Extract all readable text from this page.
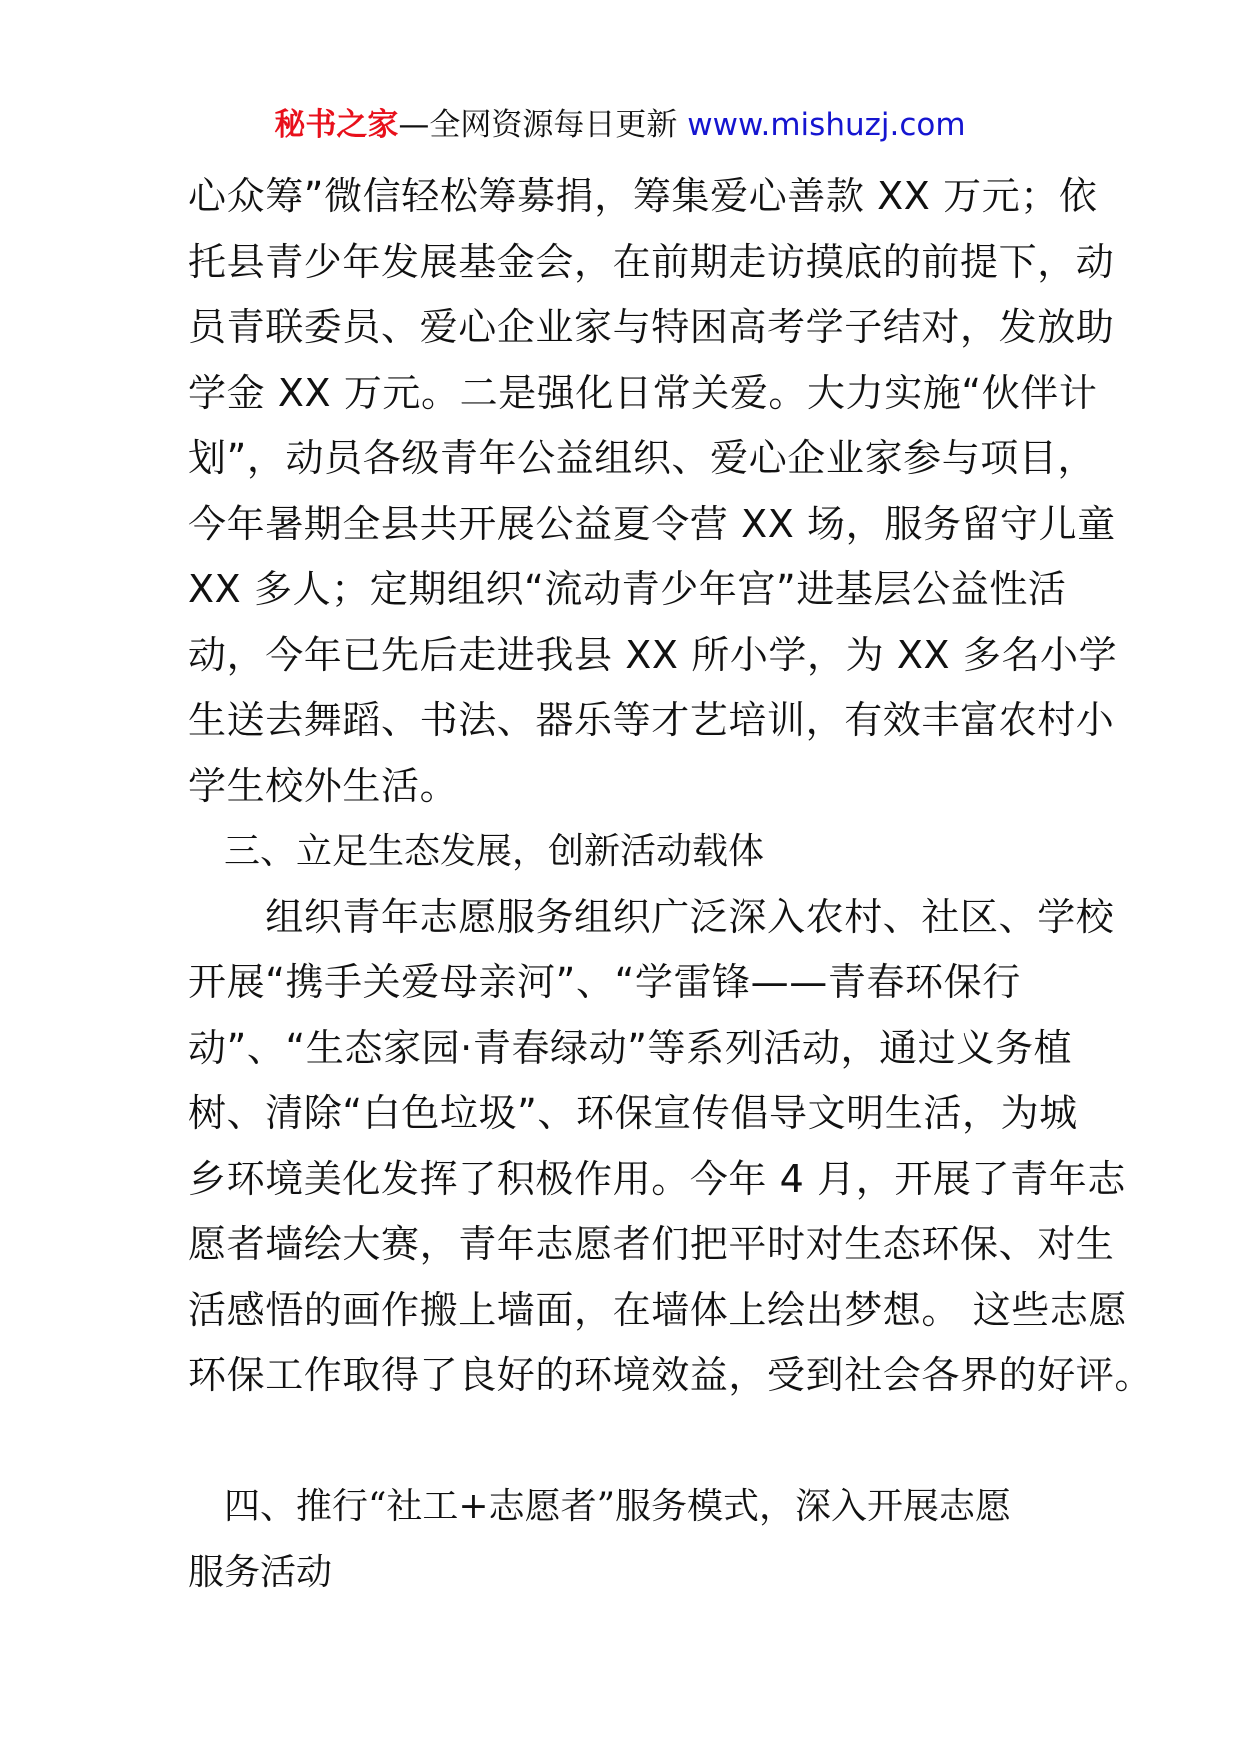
秘书之家—全网资源每日更新 www.mishuzj.com
心众筹”微信轻松筹募捐，筹集爱心善款 XX 万元；依
托县青少年发展基金会，在前期走访摸底的前提下，动
员青联委员、爱心企业家与特困高考学子结对，发放助
学金 XX 万元。二是强化日常关爱。大力实施“伙伴计
划”，动员各级青年公益组织、爱心企业家参与项目，
今年暑期全县共开展公益夏令营 XX 场，服务留守儿童
XX 多人；定期组织“流动青少年宫”进基层公益性活
动，今年已先后走进我县 XX 所小学，为 XX 多名小学
生送去舞蹈、书法、器乐等才艺培训，有效丰富农村小
学生校外生活。
　三、立足生态发展，创新活动载体
　　组织青年志愿服务组织广泛深入农村、社区、学校
开展“携手关爱母亲河”、“学雷锋——青春环保行
动”、“生态家园·青春绿动”等系列活动，通过义务植
树、清除“白色垃圾”、环保宣传倡导文明生活，为城
乡环境美化发挥了积极作用。今年 4 月，开展了青年志
愿者墙绘大赛，青年志愿者们把平时对生态环保、对生
活感悟的画作搬上墙面，在墙体上绘出梦想。 这些志愿
环保工作取得了良好的环境效益，受到社会各界的好评。
　四、推行“社工+志愿者”服务模式，深入开展志愿
服务活动
